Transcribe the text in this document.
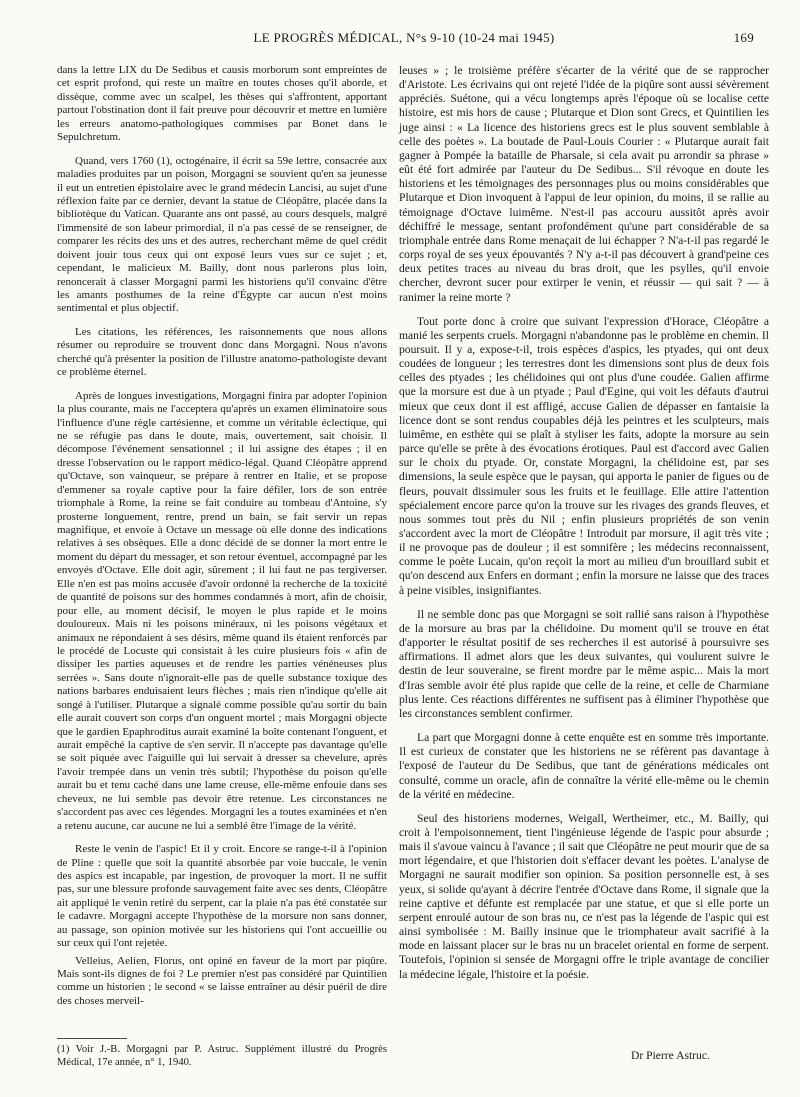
LE PROGRÈS MÉDICAL, N°s 9-10 (10-24 mai 1945)	169

dans la lettre LIX du De Sedibus et causis morborum sont empreintes de cet esprit profond, qui reste un maître en toutes choses qu'il aborde, et dissèque, comme avec un scalpel, les thèses qui s'affrontent, apportant partout l'obstination dont il fait preuve pour découvrir et mettre en lumière les erreurs anatomo-pathologiques commises par Bonet dans le Sepulchretum.

Quand, vers 1760 (1), octogénaire, il écrit sa 59e lettre, consacrée aux maladies produites par un poison, Morgagni se souvient qu'en sa jeunesse il eut un entretien épistolaire avec le grand médecin Lancisi, au sujet d'une réflexion faite par ce dernier, devant la statue de Cléopâtre, placée dans la bibliotèque du Vatican. Quarante ans ont passé, au cours desquels, malgré l'immensité de son labeur primordial, il n'a pas cessé de se renseigner, de comparer les récits des uns et des autres, recherchant même de quel crédit doivent jouir tous ceux qui ont exposé leurs vues sur ce sujet ; et, cependant, le malicieux M. Bailly, dont nous parlerons plus loin, renoncerait à classer Morgagni parmi les historiens qu'il convainc d'être les amants posthumes de la reine d'Égypte car aucun n'est moins sentimental et plus objectif.

Les citations, les références, les raisonnements que nous allons résumer ou reproduire se trouvent donc dans Morgagni. Nous n'avons cherché qu'à présenter la position de l'illustre anatomo-pathologiste devant ce problème éternel.

Après de longues investigations, Morgagni finira par adopter l'opinion la plus courante, mais ne l'acceptera qu'après un examen éliminatoire sous l'influence d'une règle cartésienne, et comme un véritable éclectique, qui ne se réfugie pas dans le doute, mais, ouvertement, sait choisir. Il décompose l'événement sensationnel ; il lui assigne des étapes ; il en dresse l'observation ou le rapport médico-légal. Quand Cléopâtre apprend qu'Octave, son vainqueur, se prépare à rentrer en Italie, et se propose d'emmener sa royale captive pour la faire défiler, lors de son entrée triomphale à Rome, la reine se fait conduire au tombeau d'Antoine, s'y prosterne longuement, rentre, prend un bain, se fait servir un repas magnifique, et envoie à Octave un message où elle donne des indications relatives à ses obsèques. Elle a donc décidé de se donner la mort entre le moment du départ du messager, et son retour éventuel, accompagné par les envoyés d'Octave. Elle doit agir, sûrement ; il lui faut ne pas tergiverser. Elle n'en est pas moins accusée d'avoir ordonné la recherche de la toxicité de quantité de poisons sur des hommes condamnés à mort, afin de choisir, pour elle, au moment décisif, le moyen le plus rapide et le moins douloureux. Mais ni les poisons minéraux, ni les poisons végétaux et animaux ne répondaient à ses désirs, même quand ils étaient renforcés par le procédé de Locuste qui consistait à les cuire plusieurs fois « afin de dissiper les parties aqueuses et de rendre les parties vénéneuses plus serrées ». Sans doute n'ignorait-elle pas de quelle substance toxique des nations barbares enduisaient leurs flèches ; mais rien n'indique qu'elle ait songé à l'utiliser. Plutarque a signalé comme possible qu'au sortir du bain elle aurait couvert son corps d'un onguent mortel ; mais Morgagni objecte que le gardien Epaphroditus aurait examiné la boîte contenant l'onguent, et aurait empêché la captive de s'en servir. Il n'accepte pas davantage qu'elle se soit piquée avec l'aiguille qui lui servait à dresser sa chevelure, après l'avoir trempée dans un venin très subtil; l'hypothèse du poison qu'elle aurait bu et tenu caché dans une lame creuse, elle-même enfouie dans ses cheveux, ne lui semble pas devoir être retenue. Les circonstances ne s'accordent pas avec ces légendes. Morgagni les a toutes examinées et n'en a retenu aucune, car aucune ne lui a semblé être l'image de la vérité.

Reste le venin de l'aspic! Et il y croit. Encore se range-t-il à l'opinion de Pline : quelle que soit la quantité absorbée par voie buccale, le venin des aspics est incapable, par ingestion, de provoquer la mort. Il ne suffit pas, sur une blessure profonde sauvagement faite avec ses dents, Cléopâtre ait appliqué le venin retiré du serpent, car la plaie n'a pas été constatée sur le cadavre. Morgagni accepte l'hypothèse de la morsure non sans donner, au passage, son opinion motivée sur les historiens qui l'ont accueillie ou sur ceux qui l'ont rejetée.

Velleius, Aelien, Florus, ont opiné en faveur de la mort par piqûre. Mais sont-ils dignes de foi ? Le premier n'est pas considéré par Quintilien comme un historien ; le second « se laisse entraîner au désir puéril de dire des choses merveil-

leuses » ; le troisième préfère s'écarter de la vérité que de se rapprocher d'Aristote. Les écrivains qui ont rejeté l'idée de la piqûre sont aussi sévèrement appréciés. Suétone, qui a vécu longtemps après l'époque où se localise cette histoire, est mis hors de cause ; Plutarque et Dion sont Grecs, et Quintilien les juge ainsi : « La licence des historiens grecs est le plus souvent semblable à celle des poètes ». La boutade de Paul-Louis Courier : « Plutarque aurait fait gagner à Pompée la bataille de Pharsale, si cela avait pu arrondir sa phrase » eût été fort admirée par l'auteur du De Sedibus... S'il révoque en doute les historiens et les témoignages des personnages plus ou moins considérables que Plutarque et Dion invoquent à l'appui de leur opinion, du moins, il se rallie au témoignage d'Octave luimême. N'est-il pas accouru aussitôt après avoir déchiffré le message, sentant profondément qu'une part considérable de sa triomphale entrée dans Rome menaçait de lui échapper ? N'a-t-il pas regardé le corps royal de ses yeux épouvantés ? N'y a-t-il pas découvert à grand'peine ces deux petites traces au niveau du bras droit, que les psylles, qu'il envoie chercher, devront sucer pour extirper le venin, et réussir — qui sait ? — à ranimer la reine morte ?

Tout porte donc à croire que suivant l'expression d'Horace, Cléopâtre a manié les serpents cruels. Morgagni n'abandonne pas le problème en chemin. Il poursuit. Il y a, expose-t-il, trois espèces d'aspics, les ptyades, qui ont deux coudées de longueur ; les terrestres dont les dimensions sont plus de deux fois celles des ptyades ; les chélidoines qui ont plus d'une coudée. Galien affirme que la morsure est due à un ptyade ; Paul d'Egine, qui voit les défauts d'autrui mieux que ceux dont il est affligé, accuse Galien de dépasser en fantaisie la licence dont se sont rendus coupables déjà les peintres et les sculpteurs, mais luimême, en esthète qui se plaît à styliser les faits, adopte la morsure au sein parce qu'elle se prête à des évocations érotiques. Paul est d'accord avec Galien sur le choix du ptyade. Or, constate Morgagni, la chélidoine est, par ses dimensions, la seule espèce que le paysan, qui apporta le panier de figues ou de fleurs, pouvait dissimuler sous les fruits et le feuillage. Elle attire l'attention spécialement encore parce qu'on la trouve sur les rivages des grands fleuves, et nous sommes tout près du Nil ; enfin plusieurs propriétés de son venin s'accordent avec la mort de Cléopâtre ! Introduit par morsure, il agit très vite ; il ne provoque pas de douleur ; il est somnifère ; les médecins reconnaissent, comme le poète Lucain, qu'on reçoit la mort au milieu d'un brouillard subit et qu'on descend aux Enfers en dormant ; enfin la morsure ne laisse que des traces à peine visibles, insignifiantes.

Il ne semble donc pas que Morgagni se soit rallié sans raison à l'hypothèse de la morsure au bras par la chélidoine. Du moment qu'il se trouve en état d'apporter le résultat positif de ses recherches il est autorisé à poursuivre ses affirmations. Il admet alors que les deux suivantes, qui voulurent suivre le destin de leur souveraine, se firent mordre par le même aspic... Mais la mort d'Iras semble avoir été plus rapide que celle de la reine, et celle de Charmiane plus lente. Ces réactions différentes ne suffisent pas à éliminer l'hypothèse que les circonstances semblent confirmer.

La part que Morgagni donne à cette enquête est en somme très importante. Il est curieux de constater que les historiens ne se réfèrent pas davantage à l'exposé de l'auteur du De Sedibus, que tant de générations médicales ont consulté, comme un oracle, afin de connaître la vérité elle-même ou le chemin de la vérité en médecine.

Seul des historiens modernes, Weigall, Wertheimer, etc., M. Bailly, qui croit à l'empoisonnement, tient l'ingénieuse légende de l'aspic pour absurde ; mais il s'avoue vaincu à l'avance ; il sait que Cléopâtre ne peut mourir que de sa mort légendaire, et que l'historien doit s'effacer devant les poètes. L'analyse de Morgagni ne saurait modifier son opinion. Sa position personnelle est, à ses yeux, si solide qu'ayant à décrire l'entrée d'Octave dans Rome, il signale que la reine captive et défunte est remplacée par une statue, et que si elle porte un serpent enroulé autour de son bras nu, ce n'est pas la légende de l'aspic qui est ainsi symbolisée : M. Bailly insinue que le triomphateur avait sacrifié à la mode en laissant placer sur le bras nu un bracelet oriental en forme de serpent. Toutefois, l'opinion si sensée de Morgagni offre le triple avantage de concilier la médecine légale, l'histoire et la poésie.

(1) Voir J.-B. Morgagni par P. Astruc. Supplément illustré du Progrès Médical, 17e année, n° 1, 1940.
Dr Pierre Astruc.
